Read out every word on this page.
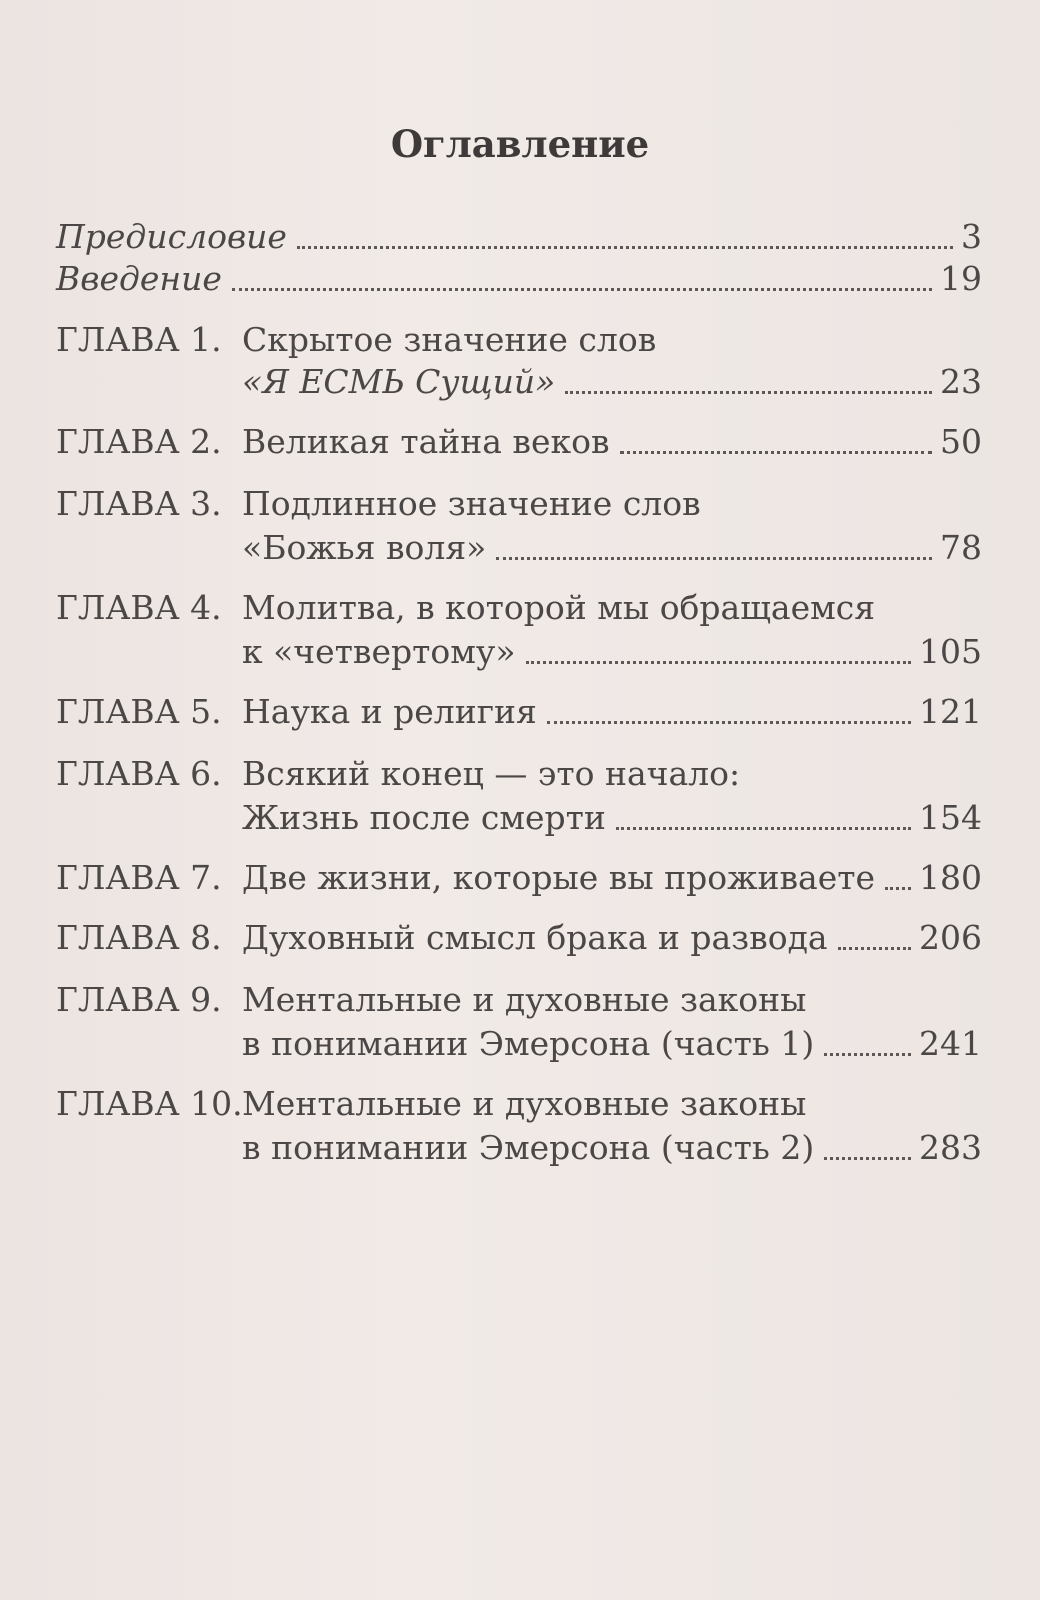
Оглавление
Предисловие	3
Введение	19
ГЛАВА 1. Скрытое значение слов
«Я ЕСМЬ Сущий»	23
ГЛАВА 2. Великая тайна веков	50
ГЛАВА 3. Подлинное значение слов
«Божья воля»	78
ГЛАВА 4. Молитва, в которой мы обращаемся
к «четвертому»	105
ГЛАВА 5. Наука и религия	121
ГЛАВА 6. Всякий конец — это начало:
Жизнь после смерти	154
ГЛАВА 7. Две жизни, которые вы проживаете 180
ГЛАВА 8. Духовный смысл брака и развода	206
ГЛАВА 9. Ментальные и духовные законы
в понимании Эмерсона (часть 1)	241
ГЛАВА 10. Ментальные и духовные законы
в понимании Эмерсона (часть 2)	283
